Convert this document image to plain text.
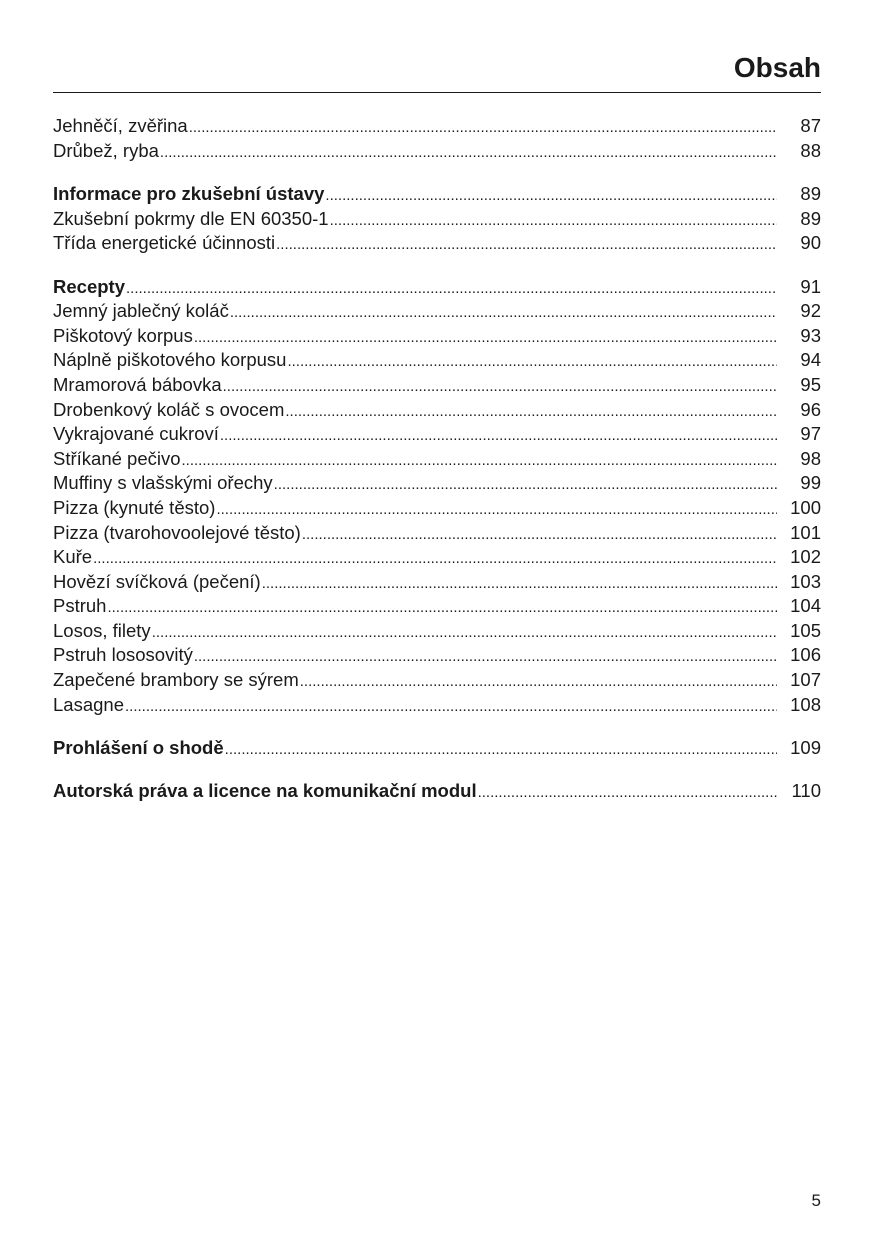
Obsah
Jehněčí, zvěřina .....	87
Drůbež, ryba .....	88
Informace pro zkušební ústavy .....	89
Zkušební pokrmy dle EN 60350-1 .....	89
Třída energetické účinnosti .....	90
Recepty .....	91
Jemný jablečný koláč .....	92
Piškotový korpus .....	93
Náplně piškotového korpusu .....	94
Mramorová bábovka .....	95
Drobenkový koláč s ovocem .....	96
Vykrajované cukroví .....	97
Stříkané pečivo .....	98
Muffiny s vlašskými ořechy .....	99
Pizza (kynuté těsto) .....	100
Pizza (tvarohovoolejové těsto) .....	101
Kuře .....	102
Hovězí svíčková (pečení) .....	103
Pstruh .....	104
Losos, filety .....	105
Pstruh lososovitý .....	106
Zapečené brambory se sýrem .....	107
Lasagne .....	108
Prohlášení o shodě .....	109
Autorská práva a licence na komunikační modul .....	110
5
